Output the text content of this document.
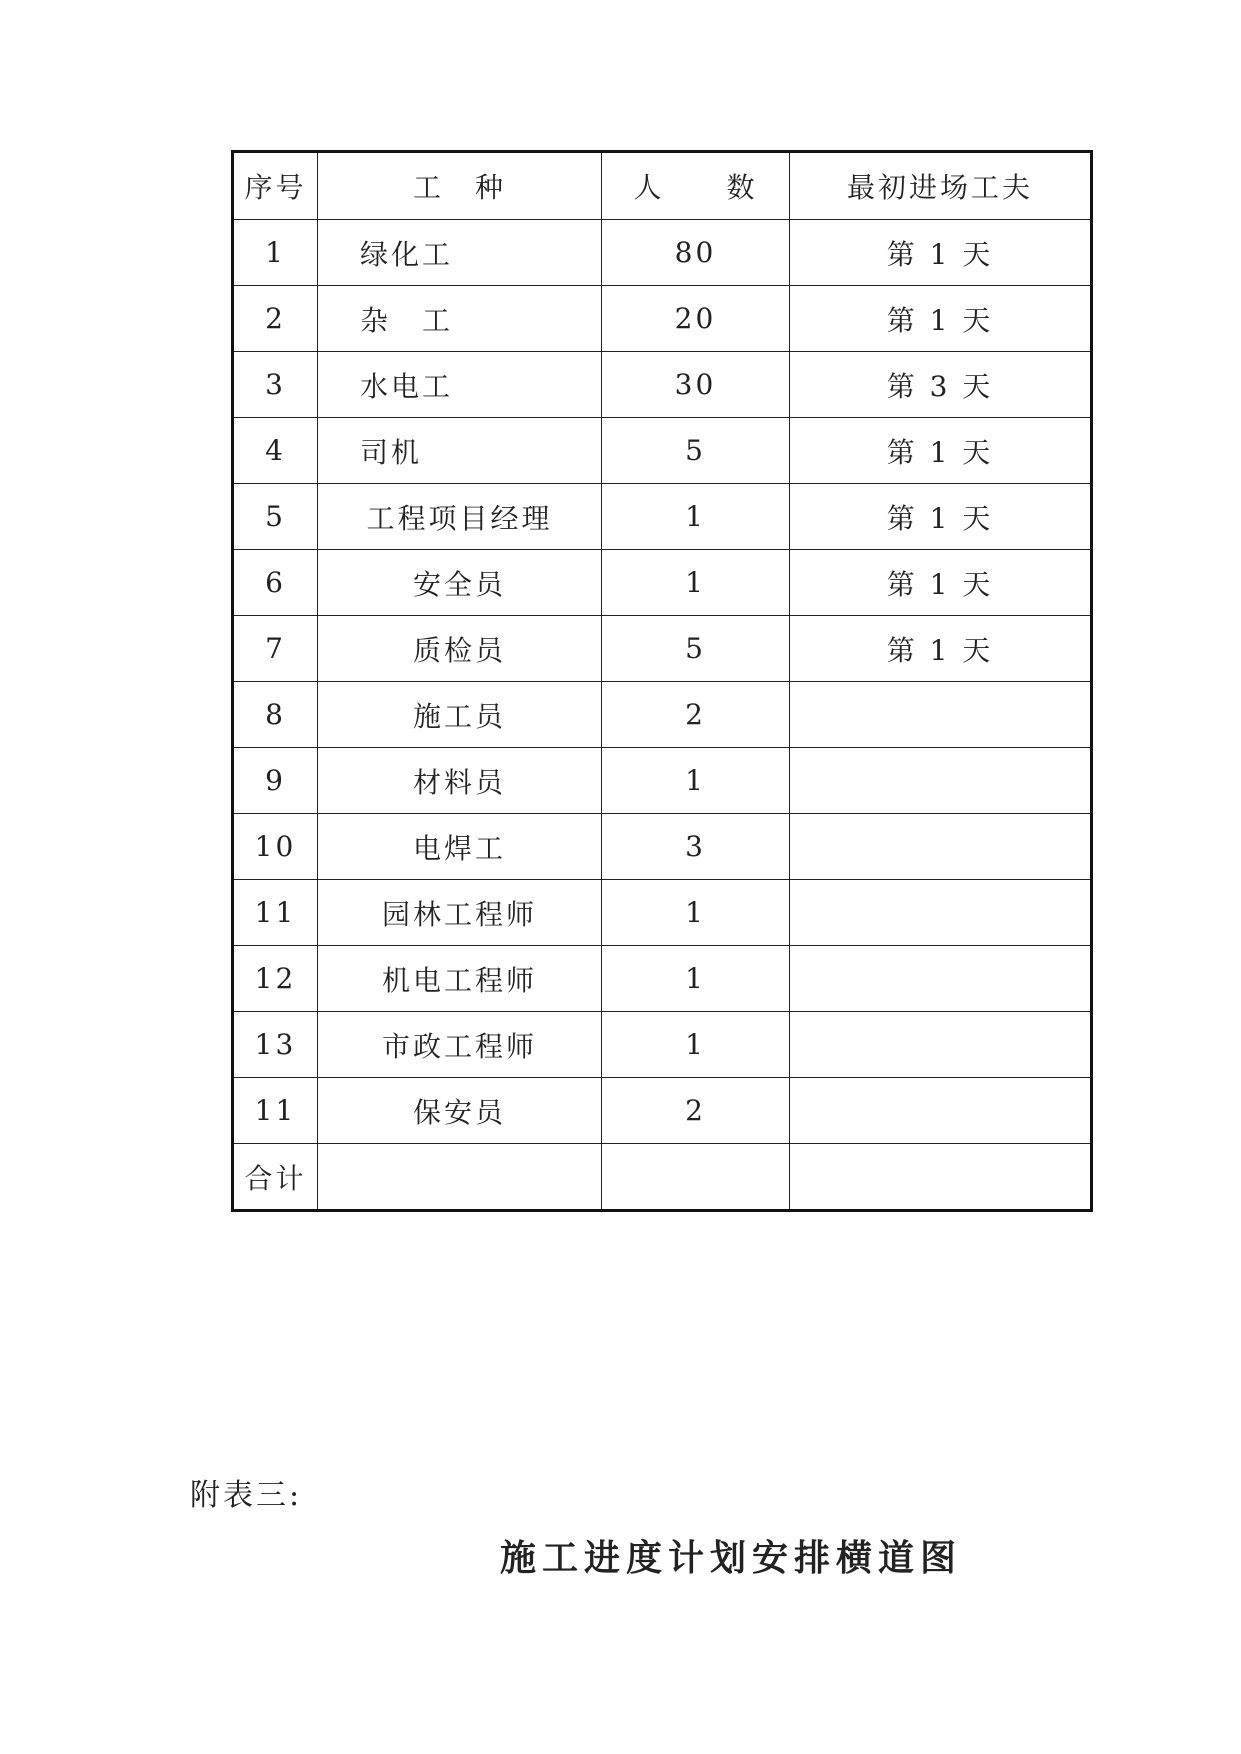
序号	工　种	人　　数	最初进场工夫
1	绿化工	80	第 1 天
2	杂　工	20	第 1 天
3	水电工	30	第 3 天
4	司机	5	第 1 天
5	工程项目经理	1	第 1 天
6	安全员	1	第 1 天
7	质检员	5	第 1 天
8	施工员	2	
9	材料员	1	
10	电焊工	3	
11	园林工程师	1	
12	机电工程师	1	
13	市政工程师	1	
11	保安员	2	
合计			
附表三:
施工进度计划安排横道图
